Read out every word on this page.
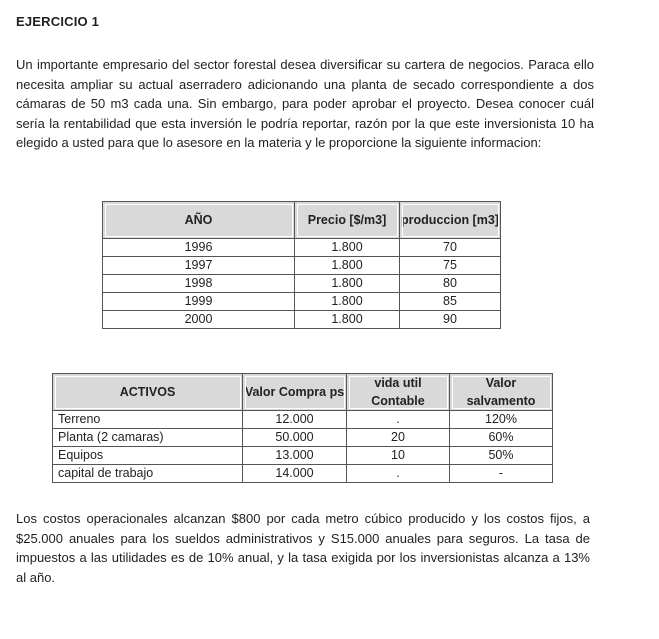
EJERCICIO 1
Un importante empresario del sector forestal desea diversificar su cartera de negocios. Paraca ello necesita ampliar su actual aserradero adicionando una planta de secado correspondiente a dos cámaras de 50 m3 cada una. Sin embargo, para poder aprobar el proyecto. Desea conocer cuál sería la rentabilidad que esta inversión le podría reportar, razón por la que este inversionista 10 ha elegido a usted para que lo asesore en la materia y le proporcione la siguiente informacion:
AÑO	Precio [$/m3]	produccion [m3]
1996	1.800	70
1997	1.800	75
1998	1.800	80
1999	1.800	85
2000	1.800	90
ACTIVOS	Valor Compra ps	vida util Contable	Valor salvamento
Terreno	12.000	.	120%
Planta (2 camaras)	50.000	20	60%
Equipos	13.000	10	50%
capital de trabajo	14.000	.	-
Los costos operacionales alcanzan $800 por cada metro cúbico producido y los costos fijos, a $25.000 anuales para los sueldos administrativos y S15.000 anuales para seguros. La tasa de impuestos a las utilidades es de 10% anual, y la tasa exigida por los inversionistas alcanza a 13% al año.
